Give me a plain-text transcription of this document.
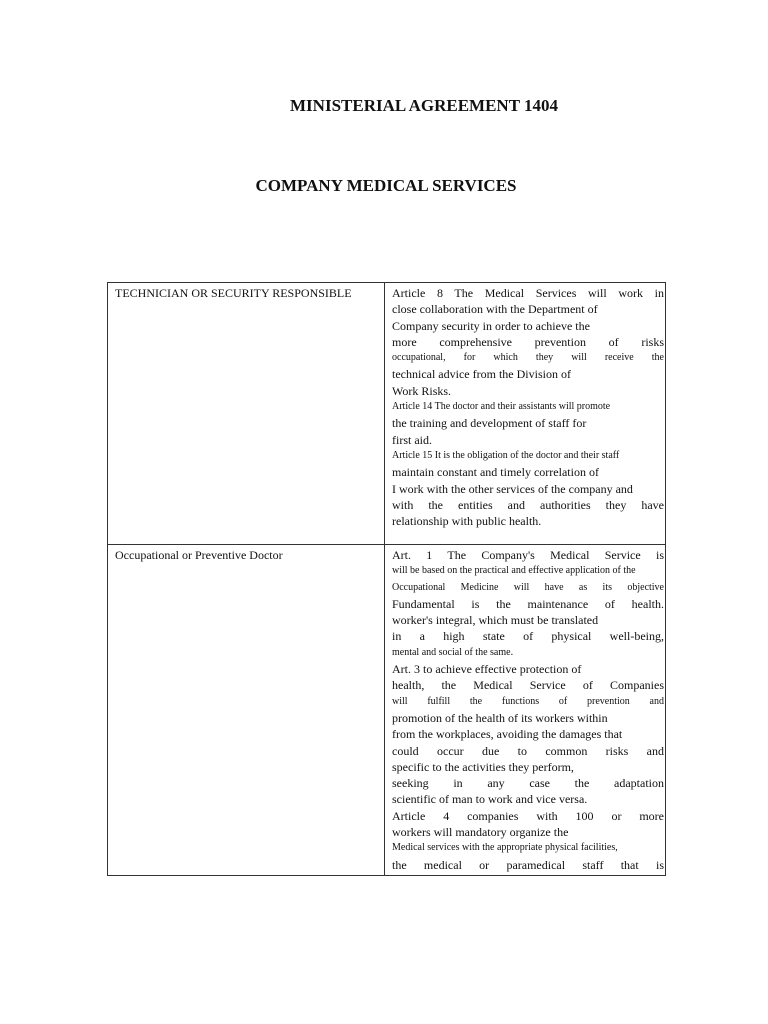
MINISTERIAL AGREEMENT 1404
COMPANY MEDICAL SERVICES
TECHNICIAN OR SECURITY RESPONSIBLE	Article 8 The Medical Services will work in
close collaboration with the Department of
Company security in order to achieve the
more comprehensive prevention of risks
occupational, for which they will receive the
technical advice from the Division of
Work Risks.
Article 14 The doctor and their assistants will promote
the training and development of staff for
first aid.
Article 15 It is the obligation of the doctor and their staff
maintain constant and timely correlation of
I work with the other services of the company and
with the entities and authorities they have
relationship with public health.
Occupational or Preventive Doctor	Art. 1 The Company's Medical Service is
will be based on the practical and effective application of the
Occupational Medicine will have as its objective
Fundamental is the maintenance of health.
worker's integral, which must be translated
in a high state of physical well-being,
mental and social of the same.
Art. 3 to achieve effective protection of
health, the Medical Service of Companies
will fulfill the functions of prevention and
promotion of the health of its workers within
from the workplaces, avoiding the damages that
could occur due to common risks and
specific to the activities they perform,
seeking in any case the adaptation
scientific of man to work and vice versa.
Article 4 companies with 100 or more
workers will mandatory organize the
Medical services with the appropriate physical facilities,
the medical or paramedical staff that is
